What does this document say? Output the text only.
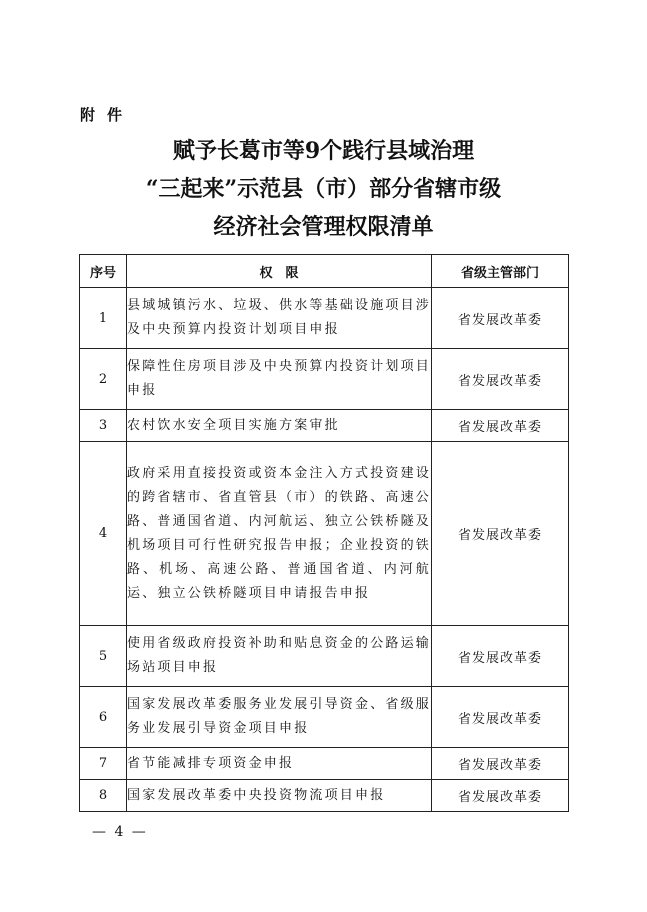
附件
赋予长葛市等9个践行县域治理
“三起来”示范县（市）部分省辖市级
经济社会管理权限清单
序号	权　限	省级主管部门
1	县域城镇污水、垃圾、供水等基础设施项目涉及中央预算内投资计划项目申报	省发展改革委
2	保障性住房项目涉及中央预算内投资计划项目申报	省发展改革委
3	农村饮水安全项目实施方案审批	省发展改革委
4	政府采用直接投资或资本金注入方式投资建设的跨省辖市、省直管县（市）的铁路、高速公路、普通国省道、内河航运、独立公铁桥隧及机场项目可行性研究报告申报；企业投资的铁路、机场、高速公路、普通国省道、内河航运、独立公铁桥隧项目申请报告申报	省发展改革委
5	使用省级政府投资补助和贴息资金的公路运输场站项目申报	省发展改革委
6	国家发展改革委服务业发展引导资金、省级服务业发展引导资金项目申报	省发展改革委
7	省节能减排专项资金申报	省发展改革委
8	国家发展改革委中央投资物流项目申报	省发展改革委
— 4 —
